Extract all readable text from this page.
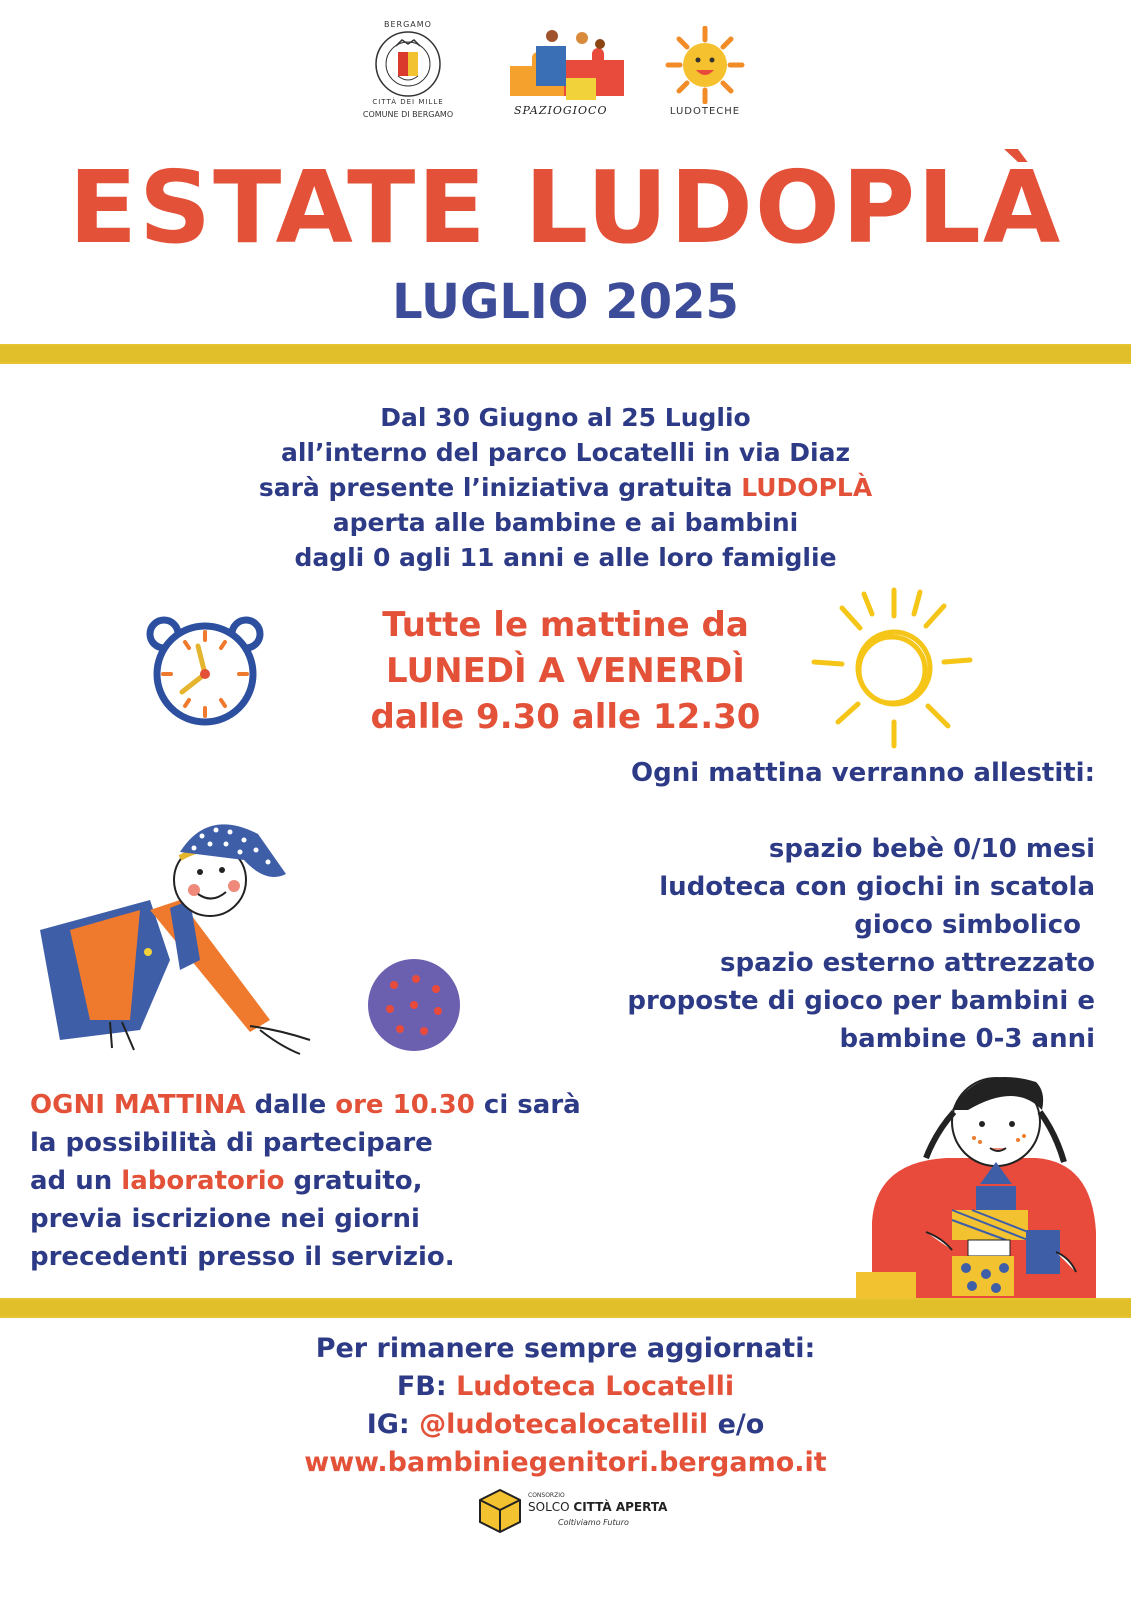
BERGAMO
CITTÀ DEI MILLE
COMUNE DI BERGAMO	SPAZIOGIOCO	LUDOTECHE
ESTATE LUDOPLÀ
LUGLIO 2025
Dal 30 Giugno al 25 Luglio
all’interno del parco Locatelli in via Diaz
sarà presente l’iniziativa gratuita LUDOPLÀ
aperta alle bambine e ai bambini
dagli 0 agli 11 anni e alle loro famiglie
Tutte le mattine da
LUNEDÌ A VENERDÌ
dalle 9.30 alle 12.30
Ogni mattina verranno allestiti:
spazio bebè 0/10 mesi
ludoteca con giochi in scatola
gioco simbolico
spazio esterno attrezzato
proposte di gioco per bambini e
bambine 0-3 anni
OGNI MATTINA dalle ore 10.30 ci sarà
la possibilità di partecipare
ad un laboratorio gratuito,
previa iscrizione nei giorni
precedenti presso il servizio.
Per rimanere sempre aggiornati:
FB: Ludoteca Locatelli
IG: @ludotecalocatellil e/o
www.bambiniegenitori.bergamo.it
CONSORZIO
SOLCO CITTÀ APERTA
Coltiviamo Futuro
